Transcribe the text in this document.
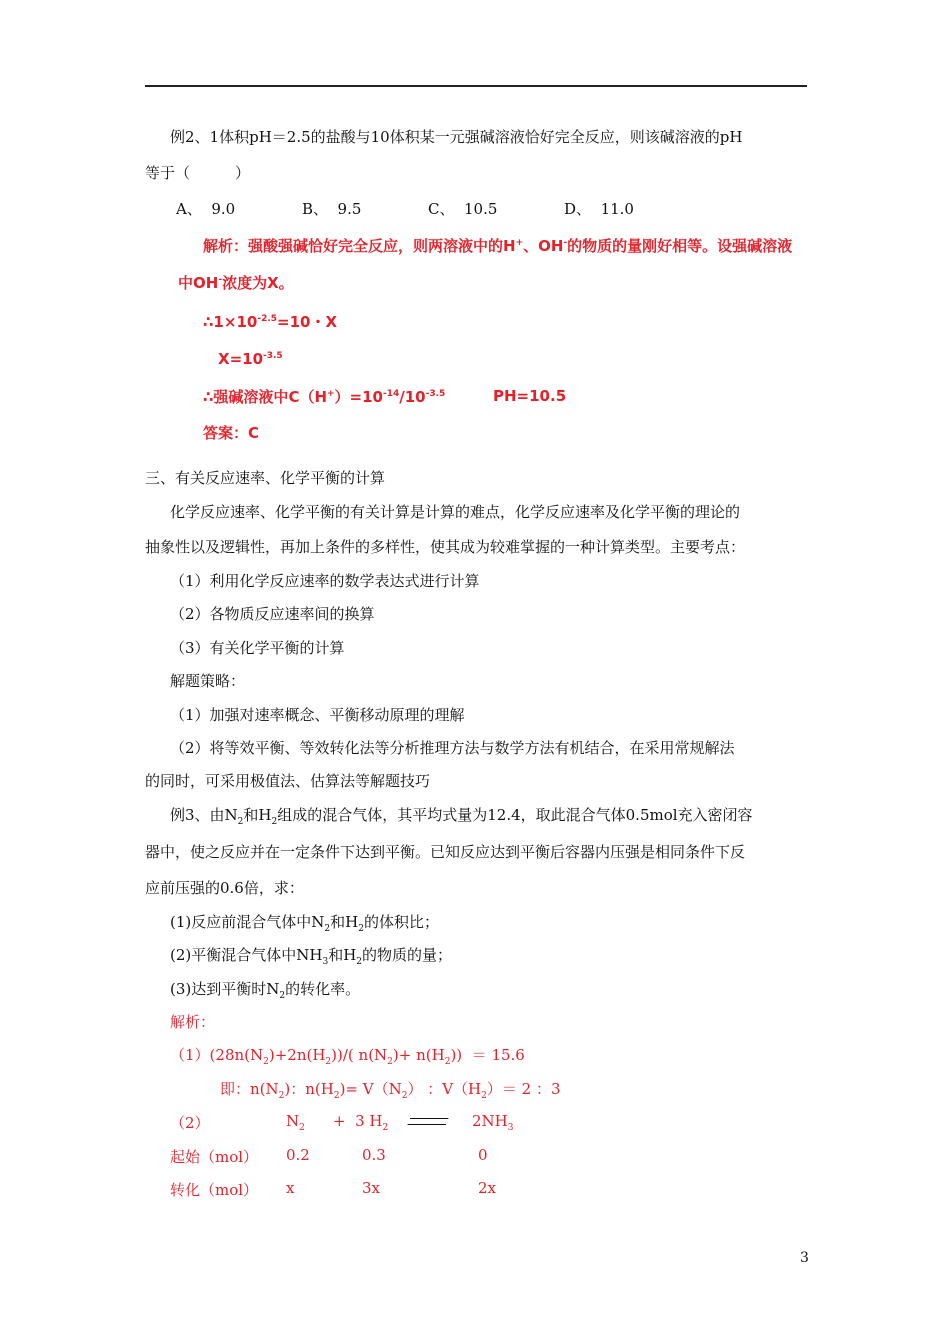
例2、1体积pH＝2.5的盐酸与10体积某一元强碱溶液恰好完全反应，则该碱溶液的pH
等于（　　　）
A、  9.0	B、  9.5	C、  10.5	D、  11.0
解析：强酸强碱恰好完全反应，则两溶液中的H+、OH-的物质的量刚好相等。设强碱溶液
中OH-浓度为X。
$\therefore 1\times 10^{-2.5}=10$・X
$X=10^{-3.5}$
∴强碱溶液中$C(H^+)=10^{-14}/10^{-3.5}$	PH=10.5
答案：C
三、有关反应速率、化学平衡的计算
化学反应速率、化学平衡的有关计算是计算的难点，化学反应速率及化学平衡的理论的
抽象性以及逻辑性，再加上条件的多样性，使其成为较难掌握的一种计算类型。主要考点：
（1）利用化学反应速率的数学表达式进行计算
（2）各物质反应速率间的换算
（3）有关化学平衡的计算
解题策略：
（1）加强对速率概念、平衡移动原理的理解
（2）将等效平衡、等效转化法等分析推理方法与数学方法有机结合，在采用常规解法
的同时，可采用极值法、估算法等解题技巧
例3、由$N_2$和$H_2$组成的混合气体，其平均式量为12.4，取此混合气体0.5mol充入密闭容
器中，使之反应并在一定条件下达到平衡。已知反应达到平衡后容器内压强是相同条件下反
应前压强的0.6倍，求：
(1)反应前混合气体中$N_2$和$H_2$的体积比；
(2)平衡混合气体中$NH_3$和$H_2$的物质的量；
(3)达到平衡时$N_2$的转化率。
解析：
$(1)(28n(N_2)+2n(H_2))/$( $n(N_2)+ n(H_2)) = 15.6$
即：$n(N_2)$：$n(H_2)= V(N_2)$ ：$V(H_2)= 2$ ：3
（2）	$N_2 + 3$ $H_2$	$2NH_3$
起始（mol） 0.2	0.3	0
转化（mol） x	3x	2x
3
